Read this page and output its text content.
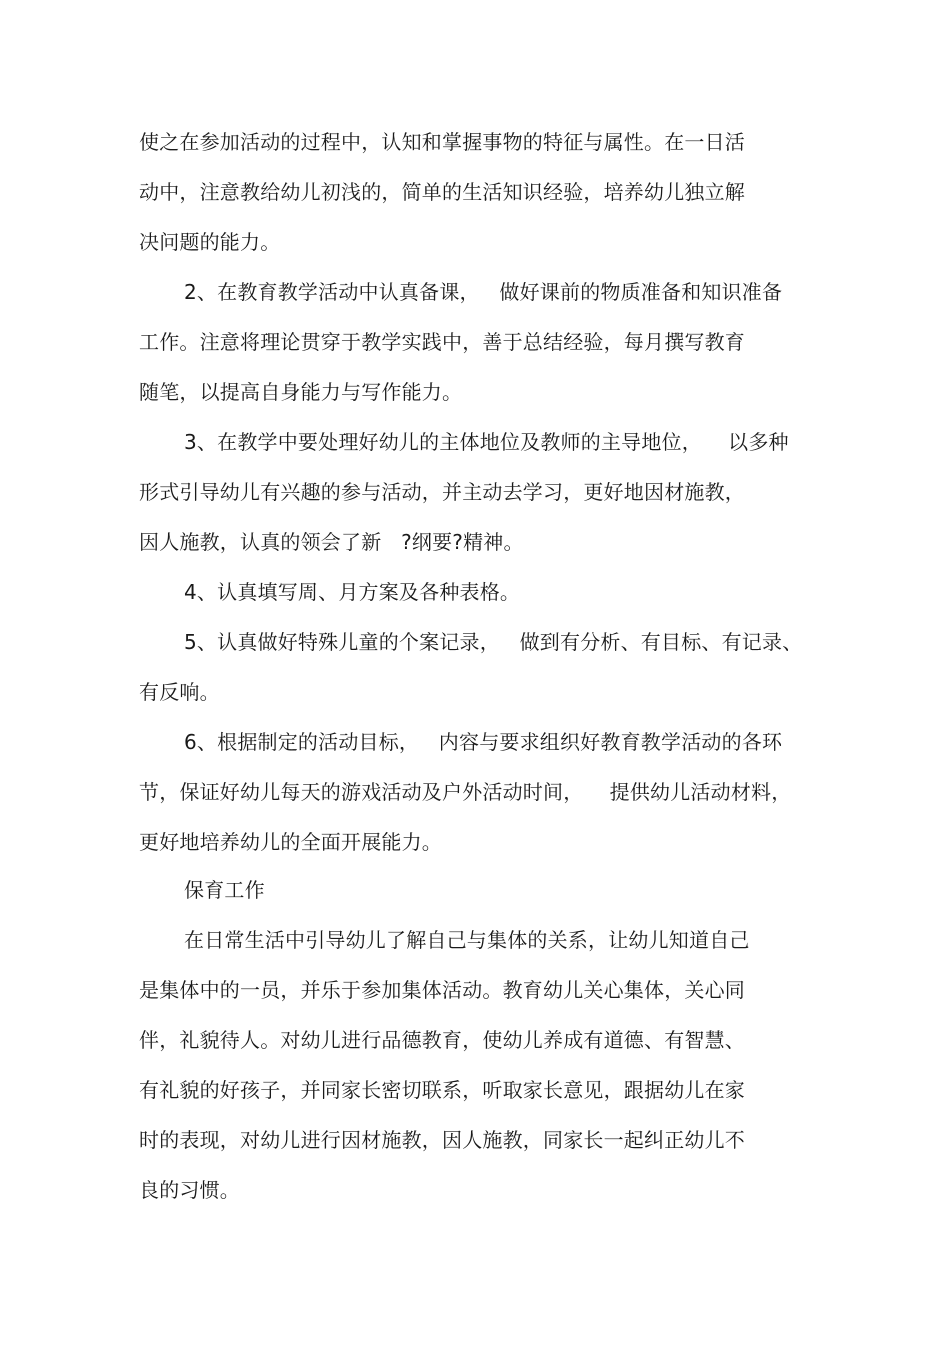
使之在参加活动的过程中，认知和掌握事物的特征与属性。在一日活
动中，注意教给幼儿初浅的，简单的生活知识经验，培养幼儿独立解
决问题的能力。
2、在教育教学活动中认真备课，   做好课前的物质准备和知识准备
工作。注意将理论贯穿于教学实践中，善于总结经验，每月撰写教育
随笔，以提高自身能力与写作能力。
3、在教学中要处理好幼儿的主体地位及教师的主导地位，    以多种
形式引导幼儿有兴趣的参与活动，并主动去学习，更好地因材施教，
因人施教，认真的领会了新   ?纲要?精神。
4、认真填写周、月方案及各种表格。
5、认真做好特殊儿童的个案记录，   做到有分析、有目标、有记录、
有反响。
6、根据制定的活动目标，   内容与要求组织好教育教学活动的各环
节，保证好幼儿每天的游戏活动及户外活动时间，    提供幼儿活动材料，
更好地培养幼儿的全面开展能力。
保育工作
在日常生活中引导幼儿了解自己与集体的关系，让幼儿知道自己
是集体中的一员，并乐于参加集体活动。教育幼儿关心集体，关心同
伴，礼貌待人。对幼儿进行品德教育，使幼儿养成有道德、有智慧、
有礼貌的好孩子，并同家长密切联系，听取家长意见，跟据幼儿在家
时的表现，对幼儿进行因材施教，因人施教，同家长一起纠正幼儿不
良的习惯。
